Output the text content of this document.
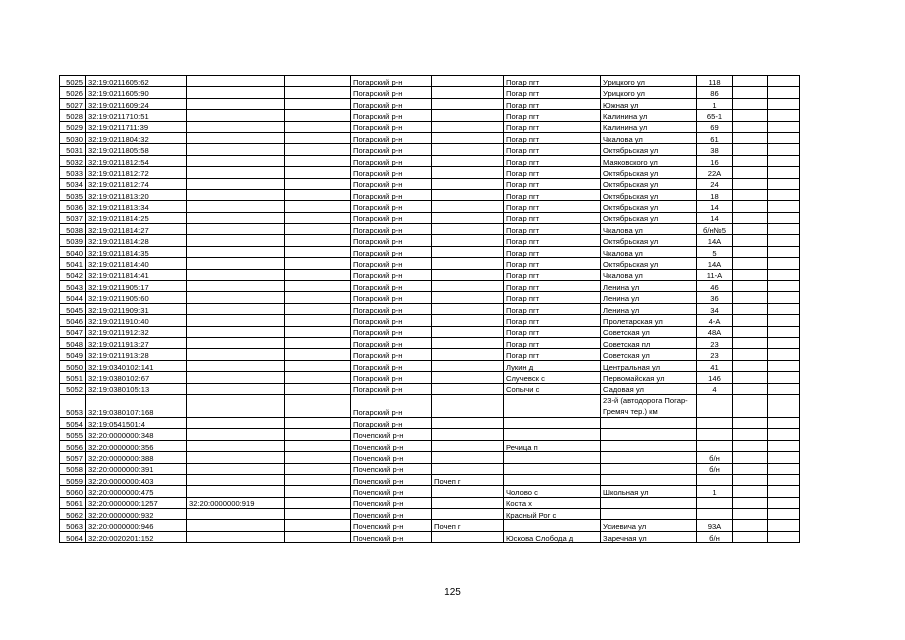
5025	32:19:0211605:62			Погарский р-н		Погар пгт	Урицкого ул	118		
5026	32:19:0211605:90			Погарский р-н		Погар пгт	Урицкого ул	86		
5027	32:19:0211609:24			Погарский р-н		Погар пгт	Южная ул	1		
5028	32:19:0211710:51			Погарский р-н		Погар пгт	Калинина ул	65-1		
5029	32:19:0211711:39			Погарский р-н		Погар пгт	Калинина ул	69		
5030	32:19:0211804:32			Погарский р-н		Погар пгт	Чкалова ул	61		
5031	32:19:0211805:58			Погарский р-н		Погар пгт	Октябрьская ул	38		
5032	32:19:0211812:54			Погарский р-н		Погар пгт	Маяковского ул	16		
5033	32:19:0211812:72			Погарский р-н		Погар пгт	Октябрьская ул	22А		
5034	32:19:0211812:74			Погарский р-н		Погар пгт	Октябрьская ул	24		
5035	32:19:0211813:20			Погарский р-н		Погар пгт	Октябрьская ул	18		
5036	32:19:0211813:34			Погарский р-н		Погар пгт	Октябрьская ул	14		
5037	32:19:0211814:25			Погарский р-н		Погар пгт	Октябрьская ул	14		
5038	32:19:0211814:27			Погарский р-н		Погар пгт	Чкалова ул	б/н№5		
5039	32:19:0211814:28			Погарский р-н		Погар пгт	Октябрьская ул	14А		
5040	32:19:0211814:35			Погарский р-н		Погар пгт	Чкалова ул	5		
5041	32:19:0211814:40			Погарский р-н		Погар пгт	Октябрьская ул	14А		
5042	32:19:0211814:41			Погарский р-н		Погар пгт	Чкалова ул	11-А		
5043	32:19:0211905:17			Погарский р-н		Погар пгт	Ленина ул	46		
5044	32:19:0211905:60			Погарский р-н		Погар пгт	Ленина ул	36		
5045	32:19:0211909:31			Погарский р-н		Погар пгт	Ленина ул	34		
5046	32:19:0211910:40			Погарский р-н		Погар пгт	Пролетарская ул	4-А		
5047	32:19:0211912:32			Погарский р-н		Погар пгт	Советская ул	48А		
5048	32:19:0211913:27			Погарский р-н		Погар пгт	Советская пл	23		
5049	32:19:0211913:28			Погарский р-н		Погар пгт	Советская ул	23		
5050	32:19:0340102:141			Погарский р-н		Лукин д	Центральная ул	41		
5051	32:19:0380102:67			Погарский р-н		Случевск с	Первомайская ул	146		
5052	32:19:0380105:13			Погарский р-н		Сопычи с	Садовая ул	4		
5053	32:19:0380107:168			Погарский р-н			23-й (автодорога Погар-Гремяч тер.) км			
5054	32:19:0541501:4			Погарский р-н						
5055	32:20:0000000:348			Почепский р-н						
5056	32:20:0000000:356			Почепский р-н		Речица п				
5057	32:20:0000000:388			Почепский р-н				б/н		
5058	32:20:0000000:391			Почепский р-н				б/н		
5059	32:20:0000000:403			Почепский р-н	Почеп г					
5060	32:20:0000000:475			Почепский р-н		Чолово с	Школьная ул	1		
5061	32:20:0000000:1257	32:20:0000000:919		Почепский р-н		Коста х				
5062	32:20:0000000:932			Почепский р-н		Красный Рог с				
5063	32:20:0000000:946			Почепский р-н	Почеп г		Усиевича ул	93А		
5064	32:20:0020201:152			Почепский р-н		Юскова Слобода д	Заречная ул	б/н		
125
